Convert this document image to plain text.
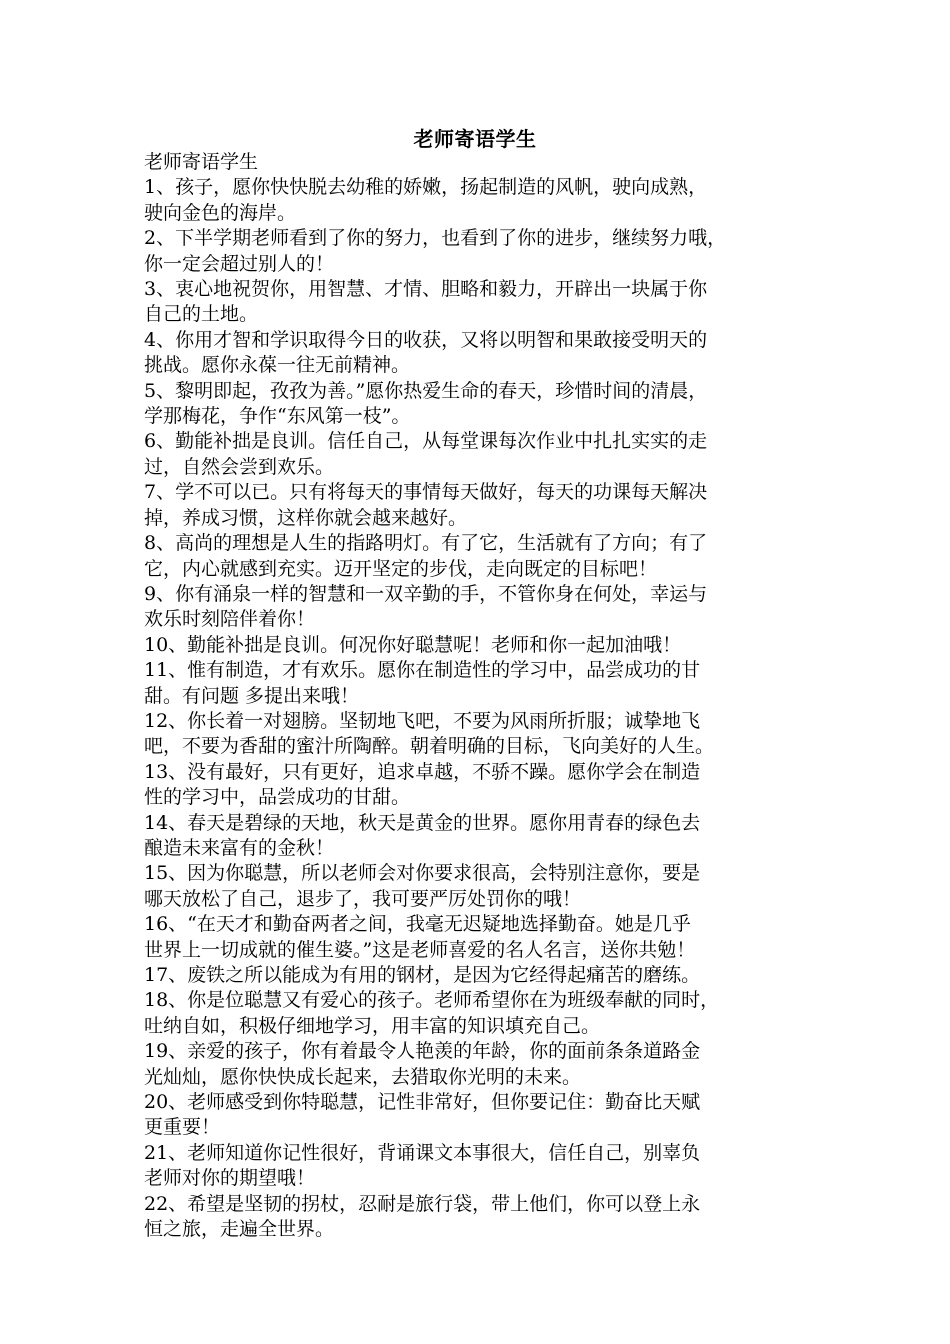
老师寄语学生

老师寄语学生

1、孩子，愿你快快脱去幼稚的娇嫩，扬起制造的风帆，驶向成熟，

驶向金色的海岸。

2、下半学期老师看到了你的努力，也看到了你的进步，继续努力哦，

你一定会超过别人的！

3、衷心地祝贺你，用智慧、才情、胆略和毅力，开辟出一块属于你

自己的土地。

4、你用才智和学识取得今日的收获，又将以明智和果敢接受明天的

挑战。愿你永葆一往无前精神。

5、黎明即起，孜孜为善。”愿你热爱生命的春天，珍惜时间的清晨，

学那梅花，争作“东风第一枝”。

6、勤能补拙是良训。信任自己，从每堂课每次作业中扎扎实实的走

过，自然会尝到欢乐。

7、学不可以已。只有将每天的事情每天做好，每天的功课每天解决

掉，养成习惯，这样你就会越来越好。

8、高尚的理想是人生的指路明灯。有了它，生活就有了方向；有了

它，内心就感到充实。迈开坚定的步伐，走向既定的目标吧！

9、你有涌泉一样的智慧和一双辛勤的手，不管你身在何处，幸运与

欢乐时刻陪伴着你！

10、勤能补拙是良训。何况你好聪慧呢！老师和你一起加油哦！

11、惟有制造，才有欢乐。愿你在制造性的学习中，品尝成功的甘

甜。有问题 多提出来哦！

12、你长着一对翅膀。坚韧地飞吧，不要为风雨所折服；诚挚地飞

吧，不要为香甜的蜜汁所陶醉。朝着明确的目标，飞向美好的人生。

13、没有最好，只有更好，追求卓越，不骄不躁。愿你学会在制造

性的学习中，品尝成功的甘甜。

14、春天是碧绿的天地，秋天是黄金的世界。愿你用青春的绿色去

酿造未来富有的金秋！

15、因为你聪慧，所以老师会对你要求很高，会特别注意你，要是

哪天放松了自己，退步了，我可要严厉处罚你的哦！

16、“在天才和勤奋两者之间，我毫无迟疑地选择勤奋。她是几乎

世界上一切成就的催生婆。”这是老师喜爱的名人名言，送你共勉！

17、废铁之所以能成为有用的钢材，是因为它经得起痛苦的磨练。

18、你是位聪慧又有爱心的孩子。老师希望你在为班级奉献的同时，

吐纳自如，积极仔细地学习，用丰富的知识填充自己。

19、亲爱的孩子，你有着最令人艳羡的年龄，你的面前条条道路金

光灿灿，愿你快快成长起来，去猎取你光明的未来。

20、老师感受到你特聪慧，记性非常好，但你要记住：勤奋比天赋

更重要！

21、老师知道你记性很好，背诵课文本事很大，信任自己，别辜负

老师对你的期望哦！

22、希望是坚韧的拐杖，忍耐是旅行袋，带上他们，你可以登上永

恒之旅，走遍全世界。
